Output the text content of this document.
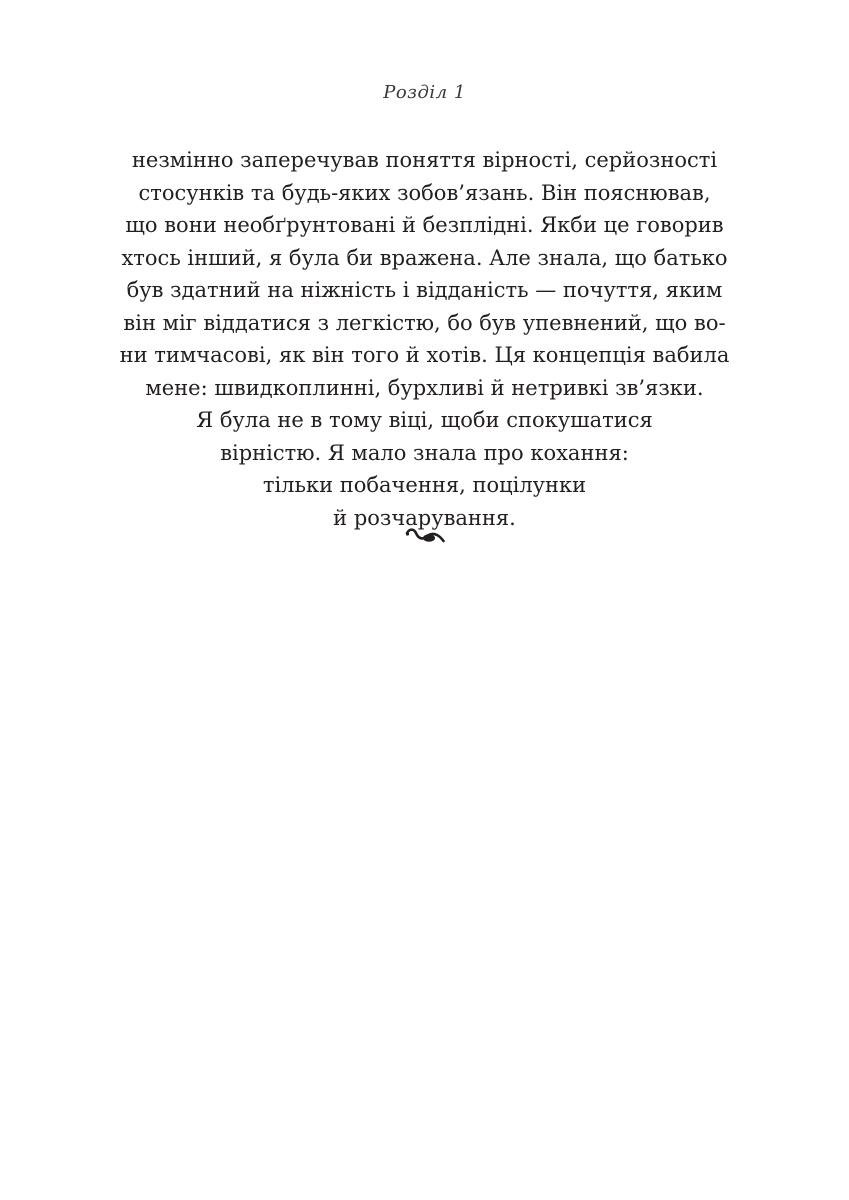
Розділ 1
незмінно заперечував поняття вірності, серйозності
стосунків та будь-яких зобов’язань. Він пояснював,
що вони необґрунтовані й безплідні. Якби це говорив
хтось інший, я була би вражена. Але знала, що батько
був здатний на ніжність і відданість — почуття, яким
він міг віддатися з легкістю, бо був упевнений, що во-
ни тимчасові, як він того й хотів. Ця концепція вабила
мене: швидкоплинні, бурхливі й нетривкі зв’язки.
Я була не в тому віці, щоби спокушатися
вірністю. Я мало знала про кохання:
тільки побачення, поцілунки
й розчарування.
